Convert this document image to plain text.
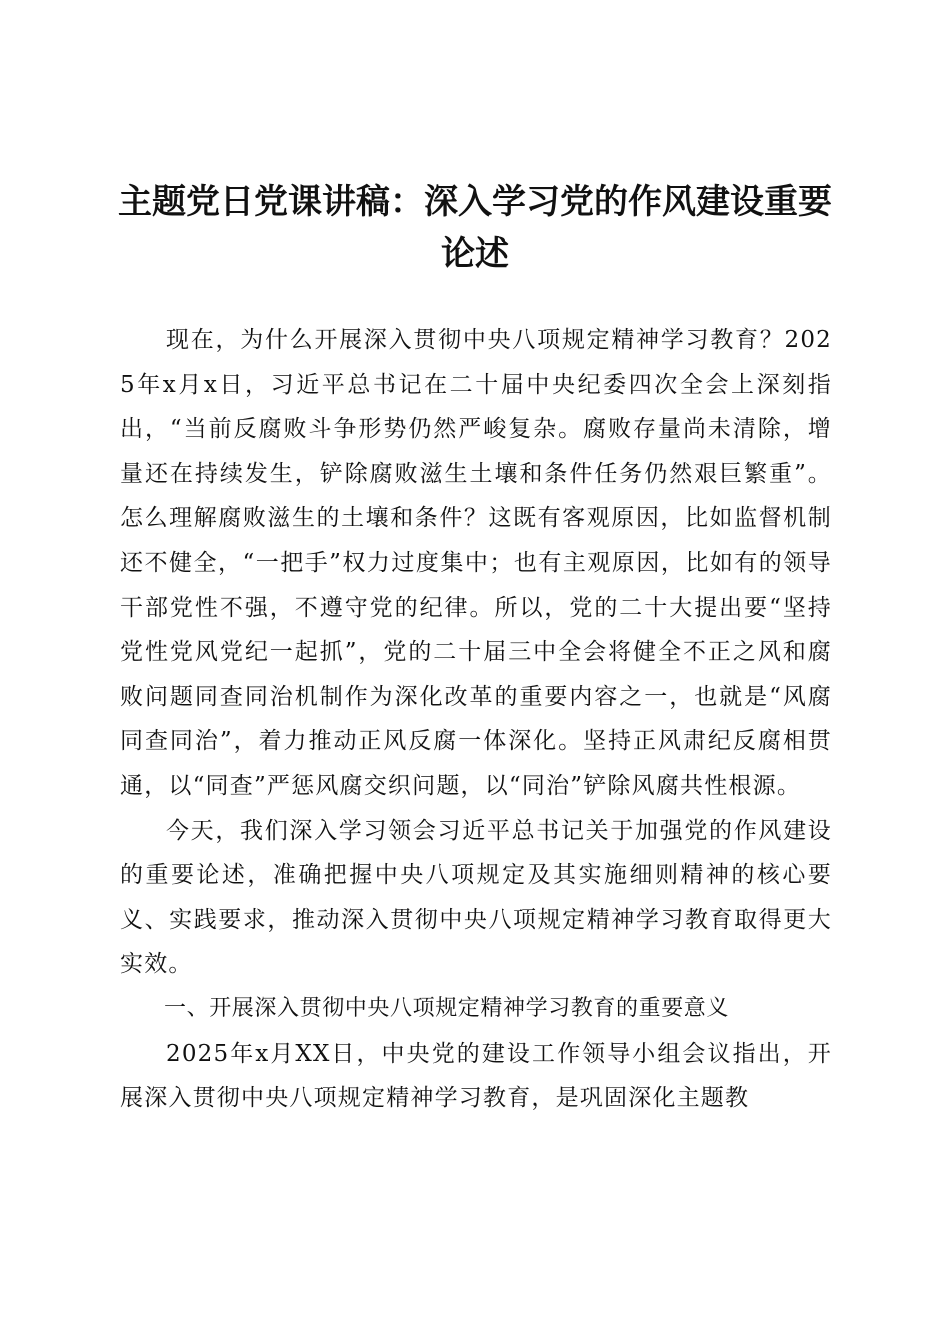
主题党日党课讲稿：深入学习党的作风建设重要论述

现在，为什么开展深入贯彻中央八项规定精神学习教育？2025年x月x日，习近平总书记在二十届中央纪委四次全会上深刻指出，“当前反腐败斗争形势仍然严峻复杂。腐败存量尚未清除，增量还在持续发生，铲除腐败滋生土壤和条件任务仍然艰巨繁重”。怎么理解腐败滋生的土壤和条件？这既有客观原因，比如监督机制还不健全，“一把手”权力过度集中；也有主观原因，比如有的领导干部党性不强，不遵守党的纪律。所以，党的二十大提出要“坚持党性党风党纪一起抓”，党的二十届三中全会将健全不正之风和腐败问题同查同治机制作为深化改革的重要内容之一，也就是“风腐同查同治”，着力推动正风反腐一体深化。坚持正风肃纪反腐相贯通，以“同查”严惩风腐交织问题，以“同治”铲除风腐共性根源。

今天，我们深入学习领会习近平总书记关于加强党的作风建设的重要论述，准确把握中央八项规定及其实施细则精神的核心要义、实践要求，推动深入贯彻中央八项规定精神学习教育取得更大实效。

一、开展深入贯彻中央八项规定精神学习教育的重要意义

2025年x月XX日，中央党的建设工作领导小组会议指出，开展深入贯彻中央八项规定精神学习教育，是巩固深化主题教
